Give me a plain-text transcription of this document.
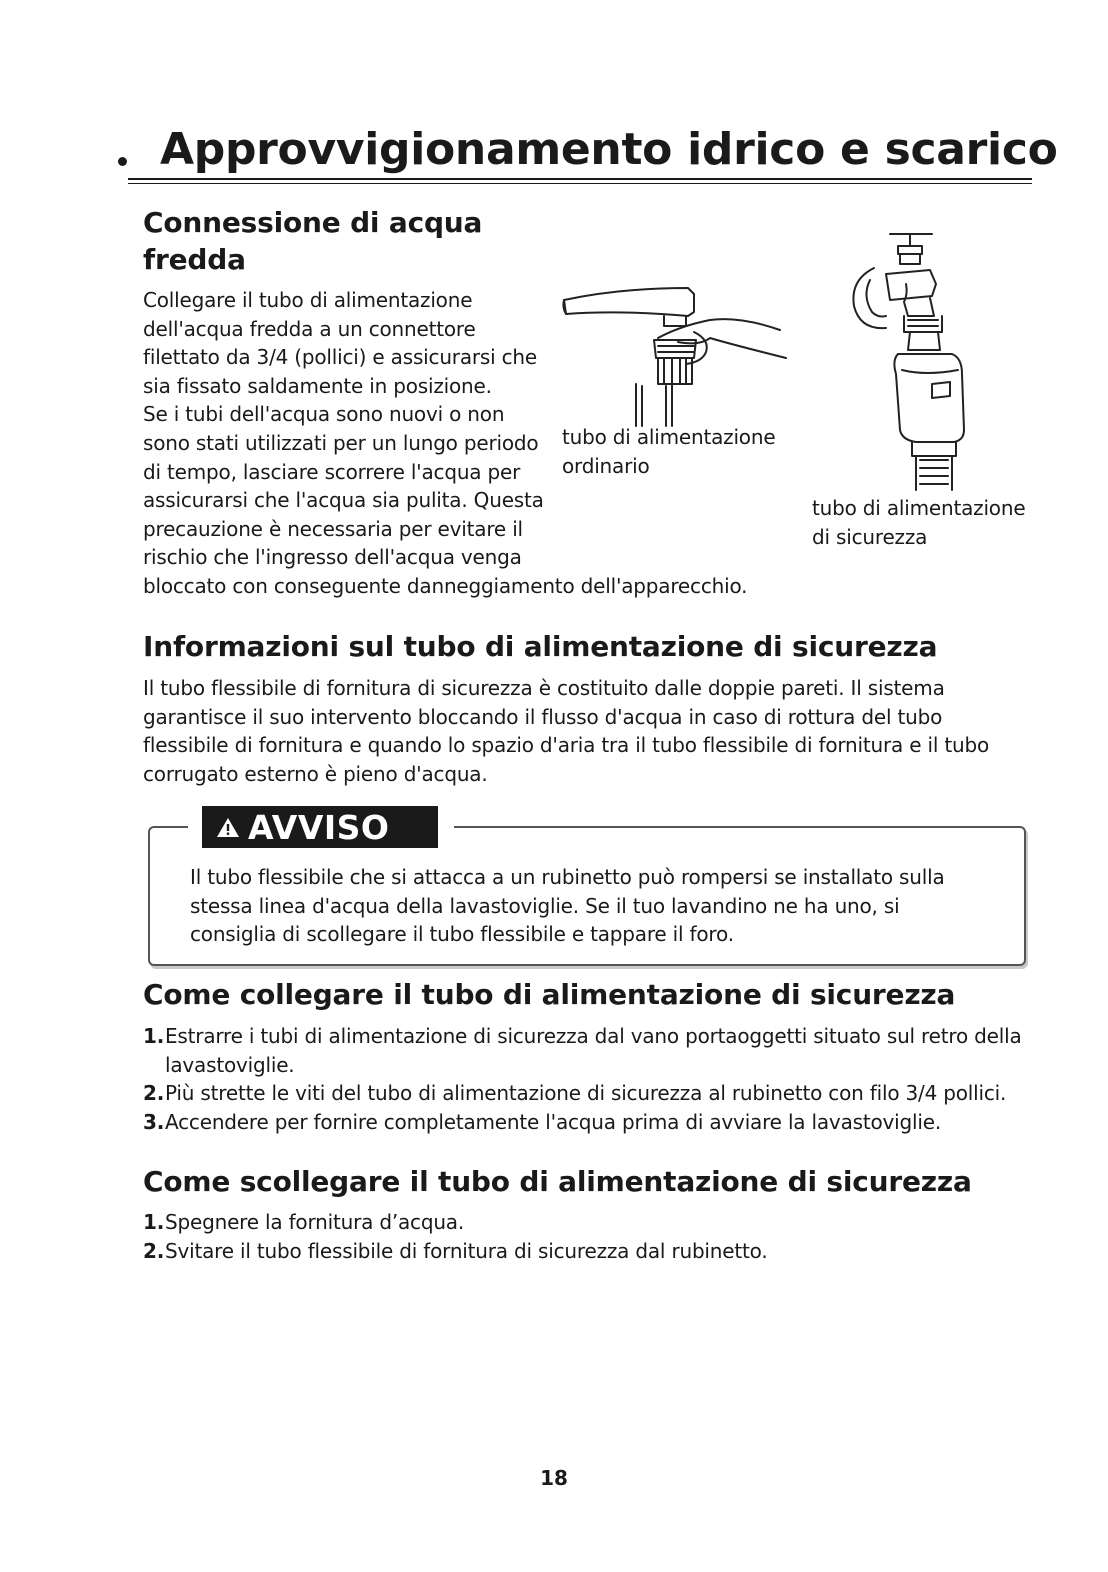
Approvvigionamento idrico e scarico
Connessione di acqua
fredda

Collegare il tubo di alimentazione
dell'acqua fredda a un connettore
filettato da 3/4 (pollici) e assicurarsi che
sia fissato saldamente in posizione.
Se i tubi dell'acqua sono nuovi o non
sono stati utilizzati per un lungo periodo
di tempo, lasciare scorrere l'acqua per
assicurarsi che l'acqua sia pulita. Questa
precauzione è necessaria per evitare il
rischio che l'ingresso dell'acqua venga
bloccato con conseguente danneggiamento dell'apparecchio.

tubo di alimentazione
ordinario

tubo di alimentazione
di sicurezza

Informazioni sul tubo di alimentazione di sicurezza

Il tubo flessibile di fornitura di sicurezza è costituito dalle doppie pareti. Il sistema
garantisce il suo intervento bloccando il flusso d'acqua in caso di rottura del tubo
flessibile di fornitura e quando lo spazio d'aria tra il tubo flessibile di fornitura e il tubo
corrugato esterno è pieno d'acqua.

AVVISO

Il tubo flessibile che si attacca a un rubinetto può rompersi se installato sulla
stessa linea d'acqua della lavastoviglie. Se il tuo lavandino ne ha uno, si
consiglia di scollegare il tubo flessibile e tappare il foro.

Come collegare il tubo di alimentazione di sicurezza
1. Estrarre i tubi di alimentazione di sicurezza dal vano portaoggetti situato sul retro della lavastoviglie.
2. Più strette le viti del tubo di alimentazione di sicurezza al rubinetto con filo 3/4 pollici.
3. Accendere per fornire completamente l'acqua prima di avviare la lavastoviglie.
Come scollegare il tubo di alimentazione di sicurezza
1. Spegnere la fornitura d’acqua.
2. Svitare il tubo flessibile di fornitura di sicurezza dal rubinetto.
18
